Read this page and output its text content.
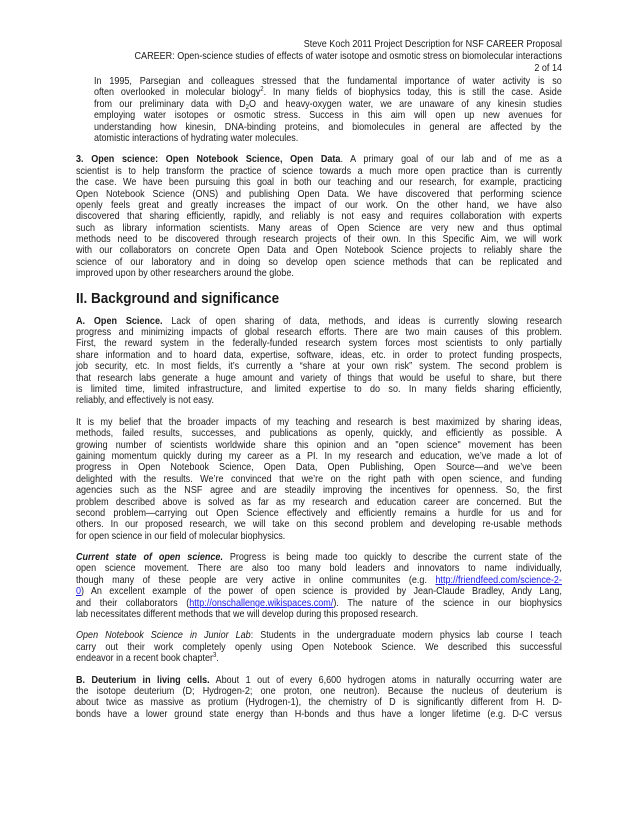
Steve Koch 2011 Project Description for NSF CAREER Proposal
CAREER: Open-science studies of effects of water isotope and osmotic stress on biomolecular interactions
2 of 14
In 1995, Parsegian and colleagues stressed that the fundamental importance of water activity is so
often overlooked in molecular biology$^2$. In many fields of biophysics today, this is still the case. Aside
from our preliminary data with $D_2O$ and heavy-oxygen water, we are unaware of any kinesin studies
employing water isotopes or osmotic stress. Success in this aim will open up new avenues for
understanding how kinesin, DNA-binding proteins, and biomolecules in general are affected by the
atomistic interactions of hydrating water molecules.
3. Open science: Open Notebook Science, Open Data. A primary goal of our lab and of me as a
scientist is to help transform the practice of science towards a much more open practice than is currently
the case. We have been pursuing this goal in both our teaching and our research, for example, practicing
Open Notebook Science (ONS) and publishing Open Data. We have discovered that performing science
openly feels great and greatly increases the impact of our work. On the other hand, we have also
discovered that sharing efficiently, rapidly, and reliably is not easy and requires collaboration with experts
such as library information scientists. Many areas of Open Science are very new and thus optimal
methods need to be discovered through research projects of their own. In this Specific Aim, we will work
with our collaborators on concrete Open Data and Open Notebook Science projects to reliably share the
science of our laboratory and in doing so develop open science methods that can be replicated and
improved upon by other researchers around the globe.
II. Background and significance
A. Open Science. Lack of open sharing of data, methods, and ideas is currently slowing research
progress and minimizing impacts of global research efforts. There are two main causes of this problem.
First, the reward system in the federally-funded research system forces most scientists to only partially
share information and to hoard data, expertise, software, ideas, etc. in order to protect funding prospects,
job security, etc. In most fields, it’s currently a “share at your own risk” system. The second problem is
that research labs generate a huge amount and variety of things that would be useful to share, but there
is limited time, limited infrastructure, and limited expertise to do so. In many fields sharing efficiently,
reliably, and effectively is not easy.
It is my belief that the broader impacts of my teaching and research is best maximized by sharing ideas,
methods, failed results, successes, and publications as openly, quickly, and efficiently as possible. A
growing number of scientists worldwide share this opinion and an "open science" movement has been
gaining momentum quickly during my career as a PI. In my research and education, we’ve made a lot of
progress in Open Notebook Science, Open Data, Open Publishing, Open Source—and we’ve been
delighted with the results. We’re convinced that we’re on the right path with open science, and funding
agencies such as the NSF agree and are steadily improving the incentives for openness. So, the first
problem described above is solved as far as my research and education career are concerned. But the
second problem—carrying out Open Science effectively and efficiently remains a hurdle for us and for
others. In our proposed research, we will take on this second problem and developing re-usable methods
for open science in our field of molecular biophysics.
Current state of open science. Progress is being made too quickly to describe the current state of the
open science movement. There are also too many bold leaders and innovators to name individually,
though many of these people are very active in online communites (e.g. http://friendfeed.com/science-2-
0) An excellent example of the power of open science is provided by Jean-Claude Bradley, Andy Lang,
and their collaborators (http://onschallenge.wikispaces.com/). The nature of the science in our biophysics
lab necessitates different methods that we will develop during this proposed research.
Open Notebook Science in Junior Lab: Students in the undergraduate modern physics lab course I teach
carry out their work completely openly using Open Notebook Science. We described this successful
endeavor in a recent book chapter$^3$.
B. Deuterium in living cells. About 1 out of every 6,600 hydrogen atoms in naturally occurring water are
the isotope deuterium (D; Hydrogen-2; one proton, one neutron). Because the nucleus of deuterium is
about twice as massive as protium (Hydrogen-1), the chemistry of D is significantly different from H. D-
bonds have a lower ground state energy than H-bonds and thus have a longer lifetime (e.g. D-C versus
